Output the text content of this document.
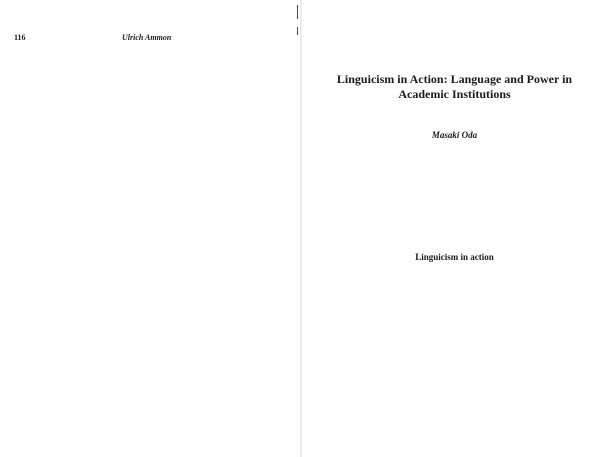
116	Ulrich Ammon
Linguicism in Action: Language and Power in Academic Institutions
Masaki Oda
Linguicism in action
